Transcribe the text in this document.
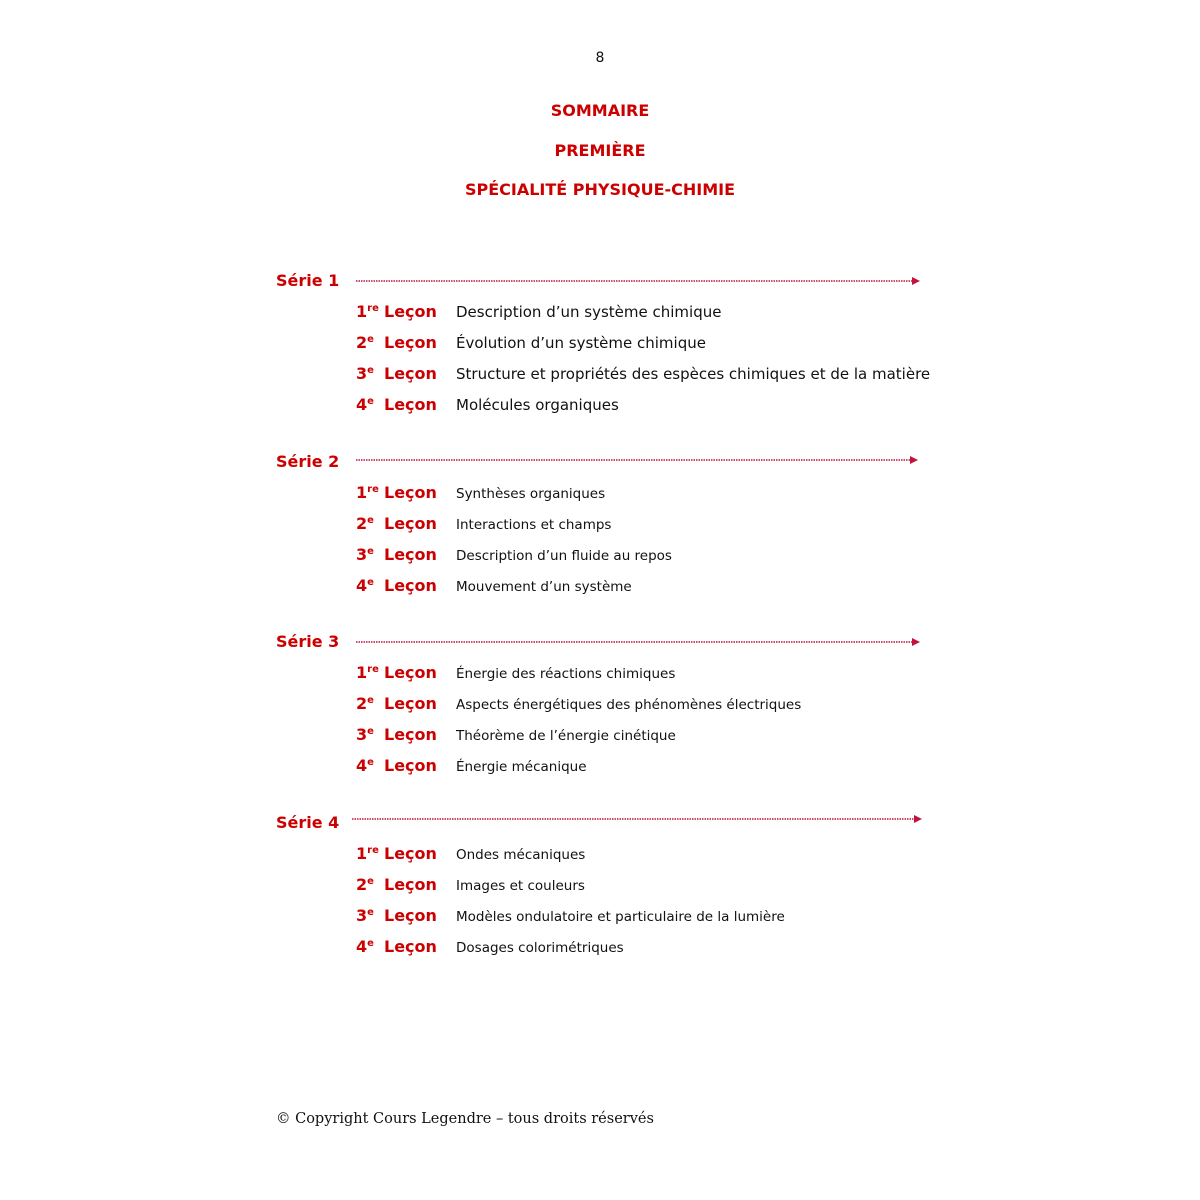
8
SOMMAIRE
PREMIÈRE
SPÉCIALITÉ PHYSIQUE-CHIMIE
Série 1
1re Leçon Description d’un système chimique
2e Leçon Évolution d’un système chimique
3e Leçon Structure et propriétés des espèces chimiques et de la matière
4e Leçon Molécules organiques
Série 2
1re Leçon Synthèses organiques
2e Leçon Interactions et champs
3e Leçon Description d’un fluide au repos
4e Leçon Mouvement d’un système
Série 3
1re Leçon Énergie des réactions chimiques
2e Leçon Aspects énergétiques des phénomènes électriques
3e Leçon Théorème de l’énergie cinétique
4e Leçon Énergie mécanique
Série 4
1re Leçon Ondes mécaniques
2e Leçon Images et couleurs
3e Leçon Modèles ondulatoire et particulaire de la lumière
4e Leçon Dosages colorimétriques
© Copyright Cours Legendre – tous droits réservés
